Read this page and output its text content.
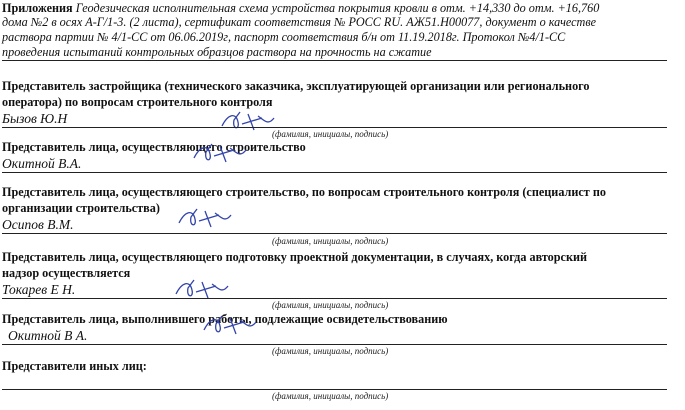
Приложения Геодезическая исполнительная схема устройства покрытия кровли в отм. +14,330 до отм. +16,760
дома №2 в осях А-Г/1-3. (2 листа), сертификат соответствия № РОСС RU. АЖ51.Н00077, документ о качестве
раствора партии № 4/1-СС от 06.06.2019г, паспорт соответствия б/н от 11.19.2018г. Протокол №4/1-СС
проведения испытаний контрольных образцов раствора на прочность на сжатие
Представитель застройщика (технического заказчика, эксплуатирующей организации или регионального
оператора) по вопросам строительного контроля
Бызов Ю.Н
(фамилия, инициалы, подпись)
Представитель лица, осуществляющего строительство
Окитной В.А.
Представитель лица, осуществляющего строительство, по вопросам строительного контроля (специалист по
организации строительства)
Осипов В.М.
(фамилия, инициалы, подпись)
Представитель лица, осуществляющего подготовку проектной документации, в случаях, когда авторский
надзор осуществляется
Токарев Е Н.
(фамилия, инициалы, подпись)
Представитель лица, выполнившего работы, подлежащие освидетельствованию
Окитной В А.
(фамилия, инициалы, подпись)
Представители иных лиц:
(фамилия, инициалы, подпись)
